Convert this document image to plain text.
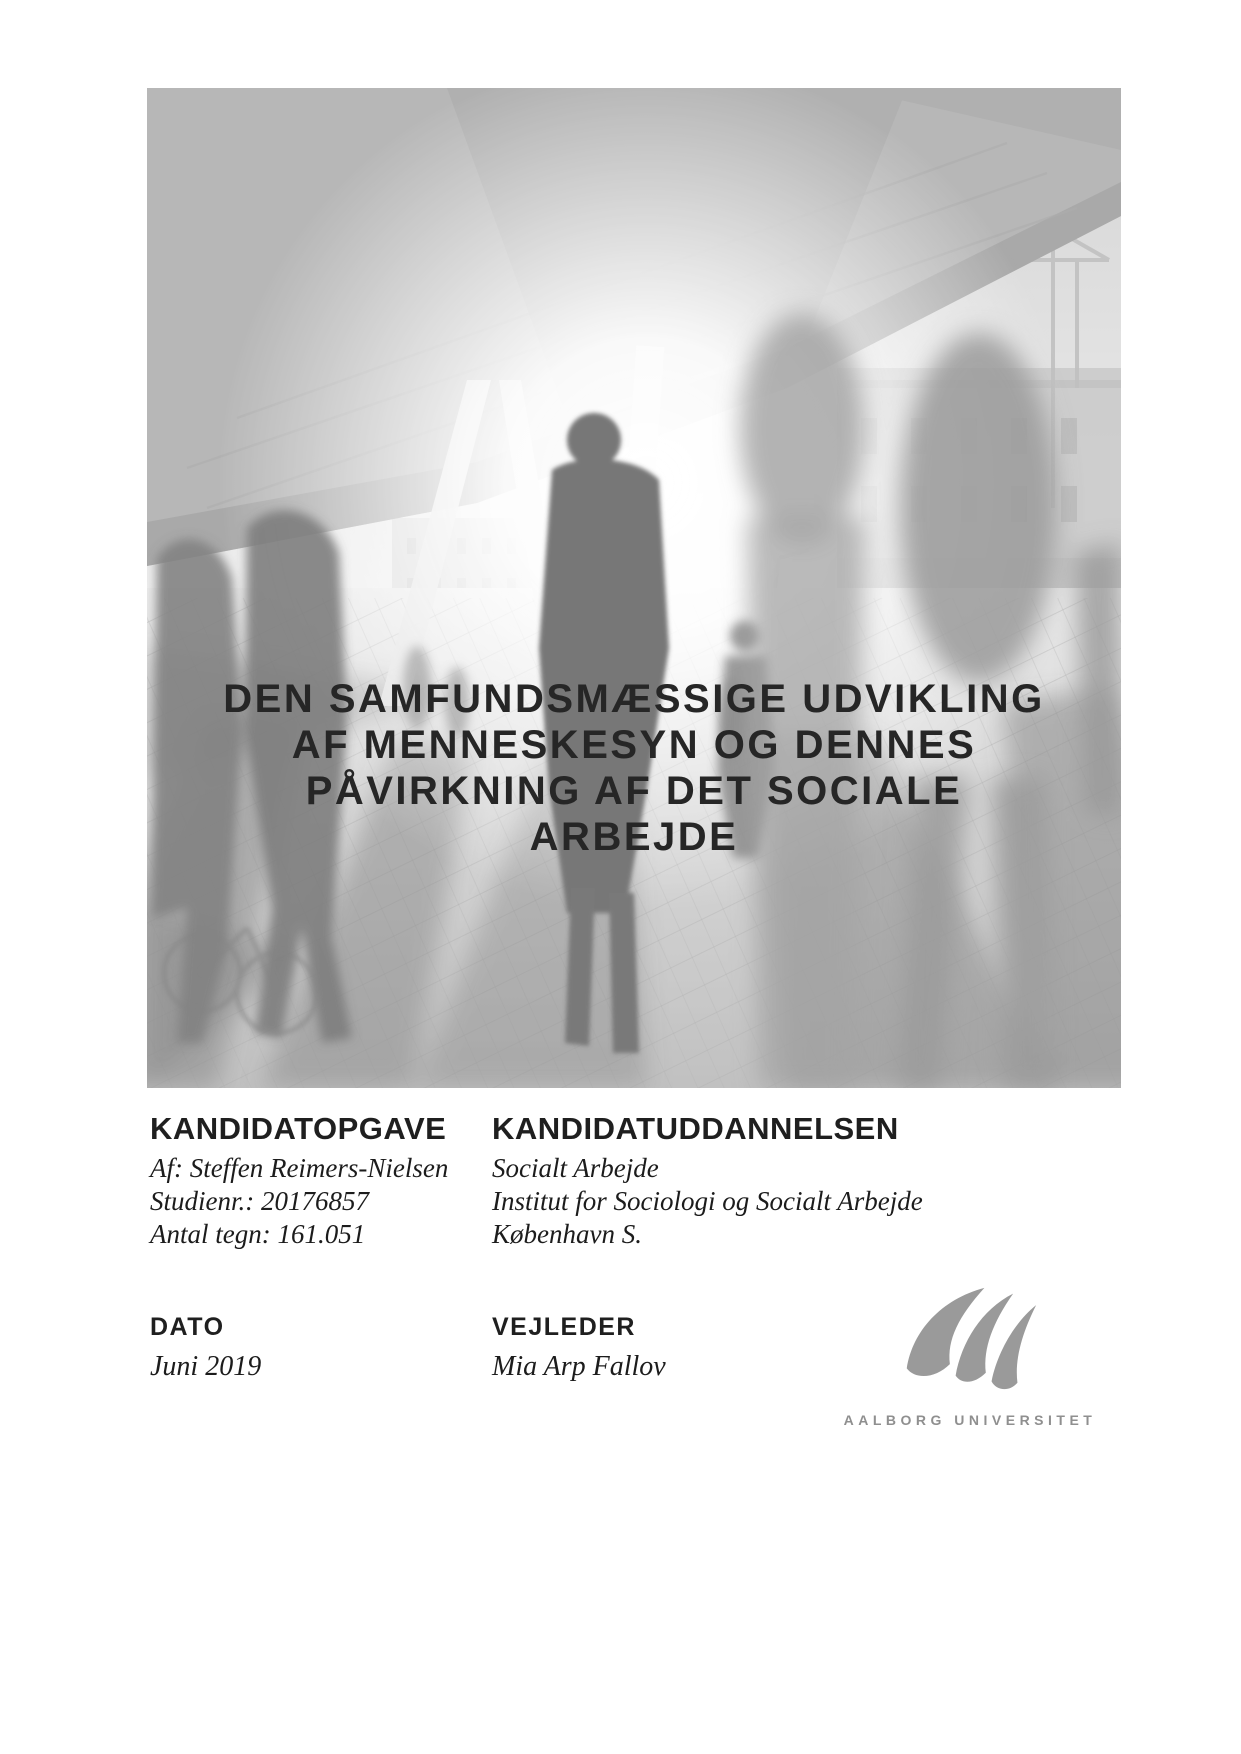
DEN SAMFUNDSMÆSSIGE UDVIKLING
AF MENNESKESYN OG DENNES
PÅVIRKNING AF DET SOCIALE
ARBEJDE
KANDIDATOPGAVE
Af: Steffen Reimers-Nielsen
Studienr.: 20176857
Antal tegn: 161.051
KANDIDATUDDANNELSEN
Socialt Arbejde
Institut for Sociologi og Socialt Arbejde
København S.
DATO
Juni 2019
VEJLEDER
Mia Arp Fallov
AALBORG UNIVERSITET
